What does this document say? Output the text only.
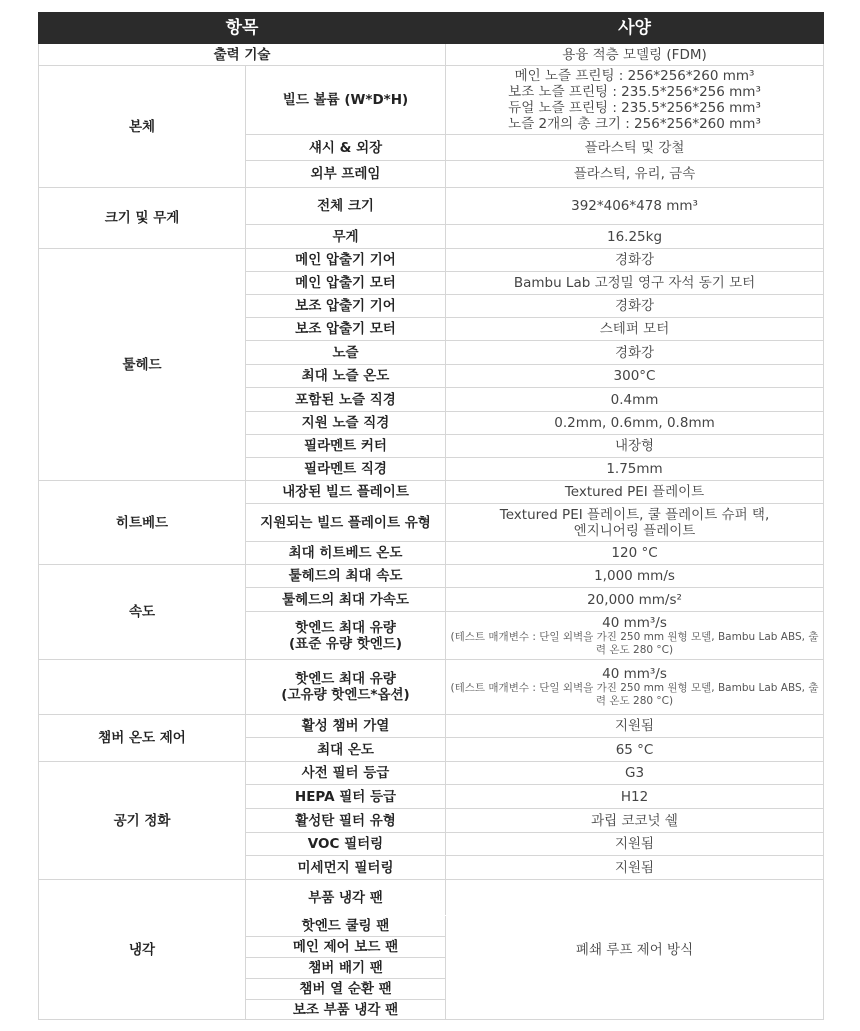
항목		사양
출력 기술		용융 적층 모델링 (FDM)
본체	빌드 볼륨 (W*D*H)	메인 노즐 프린팅 : 256*256*260 mm³
보조 노즐 프린팅 : 235.5*256*256 mm³
듀얼 노즐 프린팅 : 235.5*256*256 mm³
노즐 2개의 총 크기 : 256*256*260 mm³

	섀시 & 외장	플라스틱 및 강철
	외부 프레임	플라스틱, 유리, 금속
크기 및 무게	전체 크기	392*406*478 mm³
	무게	16.25kg
툴헤드	메인 압출기 기어	경화강
	메인 압출기 모터	Bambu Lab 고정밀 영구 자석 동기 모터
	보조 압출기 기어	경화강
	보조 압출기 모터	스테퍼 모터
	노즐	경화강
	최대 노즐 온도	300°C
	포함된 노즐 직경	0.4mm
	지원 노즐 직경	0.2mm, 0.6mm, 0.8mm
	필라멘트 커터	내장형
	필라멘트 직경	1.75mm
히트베드	내장된 빌드 플레이트	Textured PEI 플레이트
	지원되는 빌드 플레이트 유형	Textured PEI 플레이트, 쿨 플레이트 슈퍼 택,
엔지니어링 플레이트

	최대 히트베드 온도	120 °C
속도	툴헤드의 최대 속도	1,000 mm/s
	툴헤드의 최대 가속도	20,000 mm/s²

	핫엔드 최대 유량
(표준 유량 핫엔드)	40 mm³/s
(테스트 매개변수 : 단일 외벽을 가진 250 mm 원형 모델, Bambu Lab ABS, 출력 온도 280 °C)

	핫엔드 최대 유량
(고유량 핫엔드*옵션)	40 mm³/s
(테스트 매개변수 : 단일 외벽을 가진 250 mm 원형 모델, Bambu Lab ABS, 출력 온도 280 °C)

챔버 온도 제어	활성 챔버 가열	지원됨
	최대 온도	65 °C
공기 정화	사전 필터 등급	G3
	HEPA 필터 등급	H12
	활성탄 필터 유형	과립 코코넛 쉘
	VOC 필터링	지원됨
	미세먼지 필터링	지원됨
냉각	부품 냉각 팬	폐쇄 루프 제어 방식
	핫엔드 쿨링 팬	
	메인 제어 보드 팬	
	챔버 배기 팬	
	챔버 열 순환 팬	
	보조 부품 냉각 팬	
